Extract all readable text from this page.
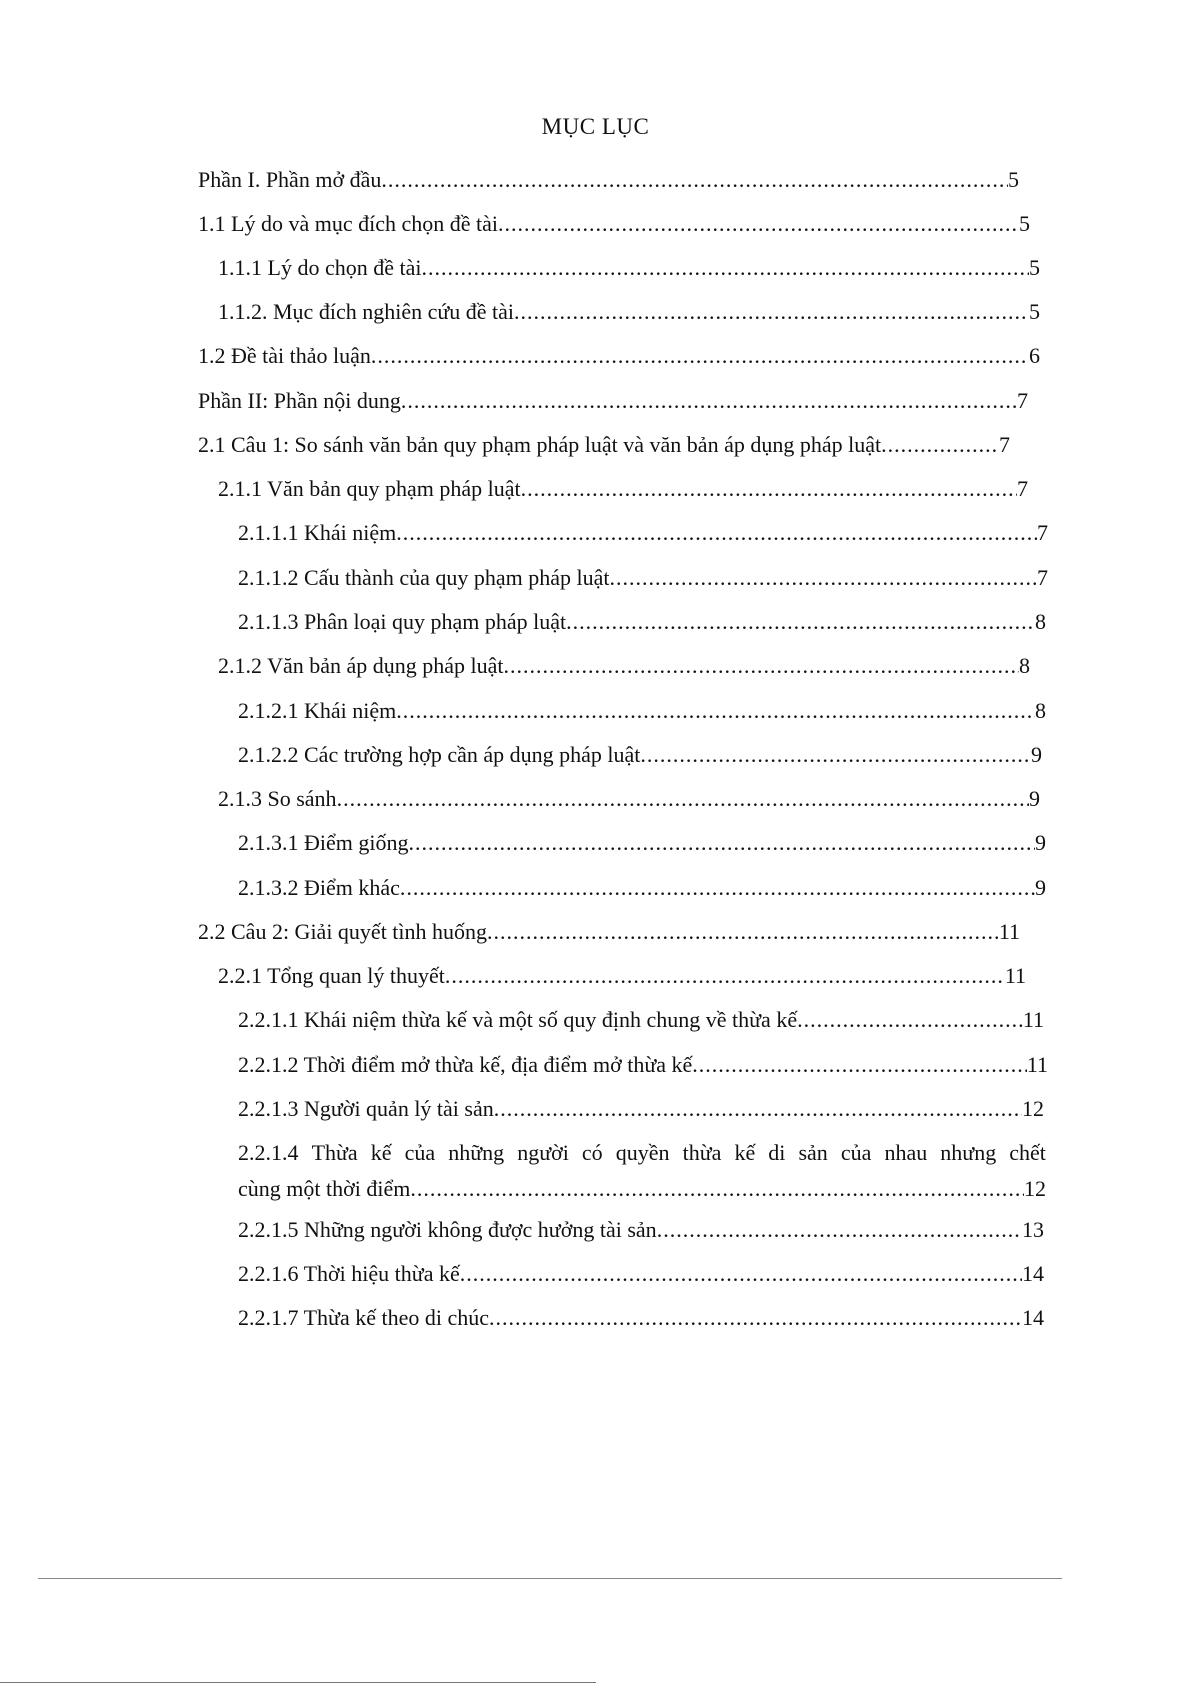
MỤC LỤC
Phần I. Phần mở đầu .....	5
1.1 Lý do và mục đích chọn đề tài .....	5
1.1.1 Lý do chọn đề tài .....	5
1.1.2. Mục đích nghiên cứu đề tài .....	5
1.2 Đề tài thảo luận .....	6
Phần II: Phần nội dung .....	7
2.1 Câu 1: So sánh văn bản quy phạm pháp luật và văn bản áp dụng pháp luật .....	7
2.1.1 Văn bản quy phạm pháp luật .....	7
2.1.1.1 Khái niệm .....	7
2.1.1.2 Cấu thành của quy phạm pháp luật .....	7
2.1.1.3 Phân loại quy phạm pháp luật .....	8
2.1.2 Văn bản áp dụng pháp luật .....	8
2.1.2.1 Khái niệm .....	8
2.1.2.2 Các trường hợp cần áp dụng pháp luật .....	9
2.1.3 So sánh .....	9
2.1.3.1 Điểm giống .....	9
2.1.3.2 Điểm khác .....	9
2.2 Câu 2: Giải quyết tình huống .....	11
2.2.1 Tổng quan lý thuyết .....	11
2.2.1.1 Khái niệm thừa kế và một số quy định chung về thừa kế .....	11
2.2.1.2 Thời điểm mở thừa kế, địa điểm mở thừa kế .....	11
2.2.1.3 Người quản lý tài sản .....	12
2.2.1.4 Thừa kế của những người có quyền thừa kế di sản của nhau nhưng chết
cùng một thời điểm .....	12
2.2.1.5 Những người không được hưởng tài sản .....	13
2.2.1.6 Thời hiệu thừa kế .....	14
2.2.1.7 Thừa kế theo di chúc .....	14
